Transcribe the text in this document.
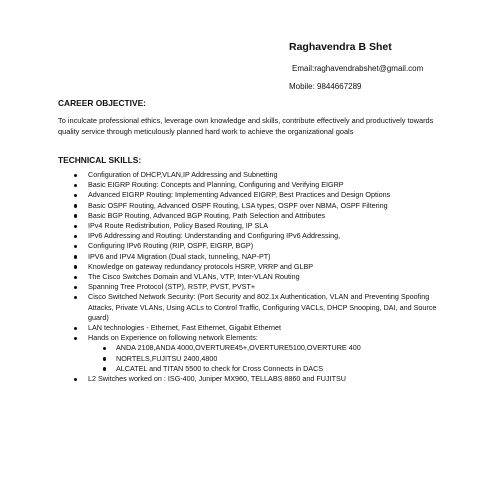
Raghavendra B Shet

Email:raghavendrabshet@gmail.com

Mobile: 9844667289

CAREER OBJECTIVE:

To inculcate professional ethics, leverage own knowledge and skills, contribute effectively and productively towards quality service through meticulously planned hard work to achieve the organizational goals

TECHNICAL SKILLS:

Configuration of DHCP,VLAN,IP Addressing and Subnetting
Basic EIGRP Routing: Concepts and Planning, Configuring and Verifying EIGRP
Advanced EIGRP Routing: Implementing Advanced EIGRP, Best Practices and Design Options
Basic OSPF Routing, Advanced OSPF Routing, LSA types, OSPF over NBMA, OSPF Filtering
Basic BGP Routing, Advanced BGP Routing, Path Selection and Attributes
IPv4 Route Redistribution, Policy Based Routing, IP SLA
IPv6 Addressing and Routing: Understanding and Configuring IPv6 Addressing,
Configuring IPv6 Routing (RIP, OSPF, EIGRP, BGP)
IPV6 and IPV4 Migration (Dual stack, tunneling, NAP-PT)
Knowledge on gateway redundancy protocols HSRP, VRRP and GLBP
The Cisco Switches Domain and VLANs, VTP, Inter-VLAN Routing
Spanning Tree Protocol (STP), RSTP, PVST, PVST+
Cisco Switched Network Security: (Port Security and 802.1x Authentication, VLAN and Preventing Spoofing Attacks, Private VLANs, Using ACLs to Control Traffic, Configuring VACLs, DHCP Snooping, DAI, and Source guard)
LAN technologies - Ethernet, Fast Ethernet, Gigabit Ethernet
Hands on Experience on following network Elements:
ANDA 2108,ANDA 4000,OVERTURE45+,OVERTURE5100,OVERTURE 400
NORTELS,FUJITSU 2400,4800
ALCATEL and TITAN 5500 to check for Cross Connects in DACS
L2 Switches worked on : ISG-400, Juniper MX960, TELLABS 8860 and FUJITSU
